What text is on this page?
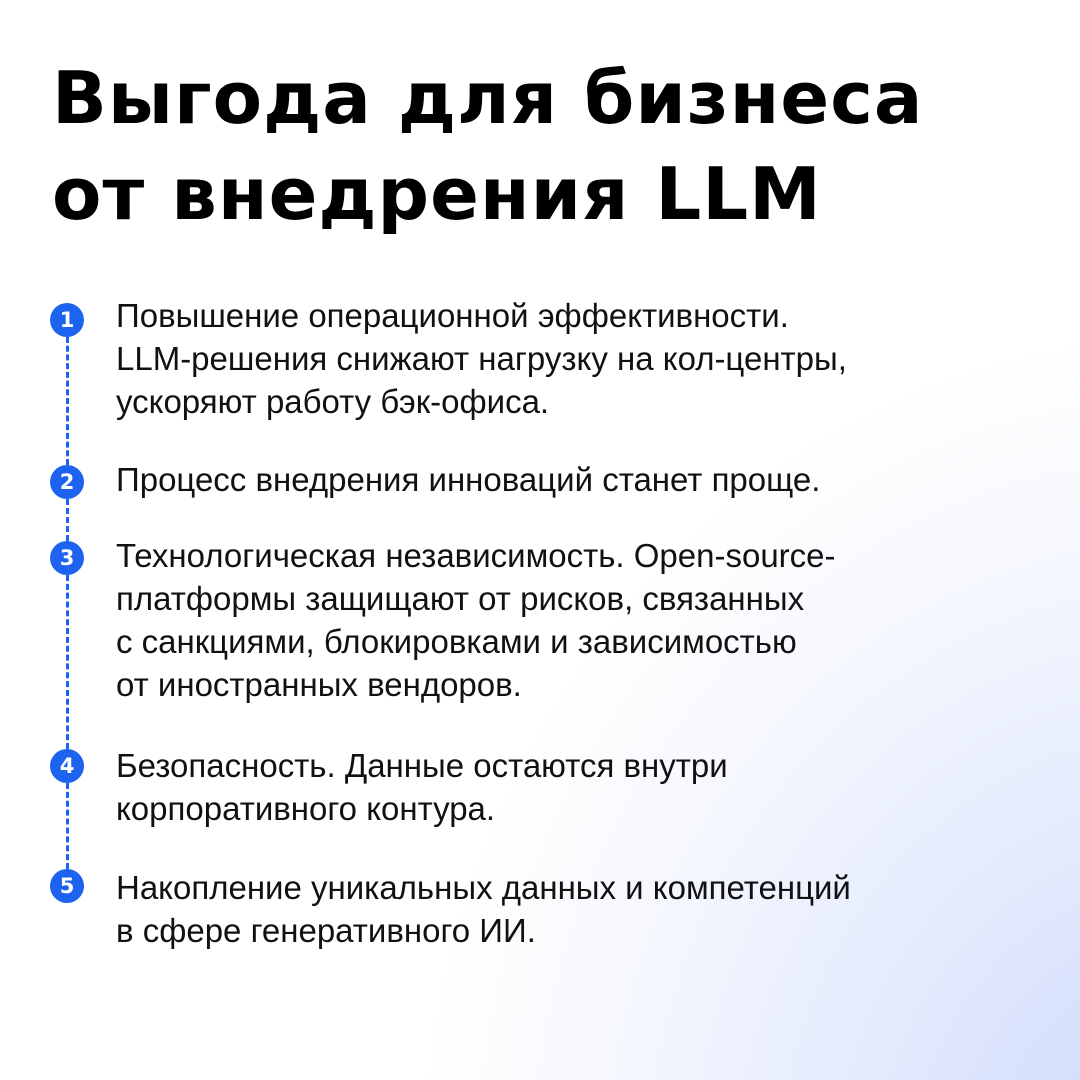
Выгода для бизнеса
от внедрения LLM
1 Повышение операционной эффективности.
LLM-решения снижают нагрузку на кол-центры,
ускоряют работу бэк-офиса.

2 Процесс внедрения инноваций станет проще.

3 Технологическая независимость. Open-source-
платформы защищают от рисков, связанных
с санкциями, блокировками и зависимостью
от иностранных вендоров.

4 Безопасность. Данные остаются внутри
корпоративного контура.

5 Накопление уникальных данных и компетенций
в сфере генеративного ИИ.
